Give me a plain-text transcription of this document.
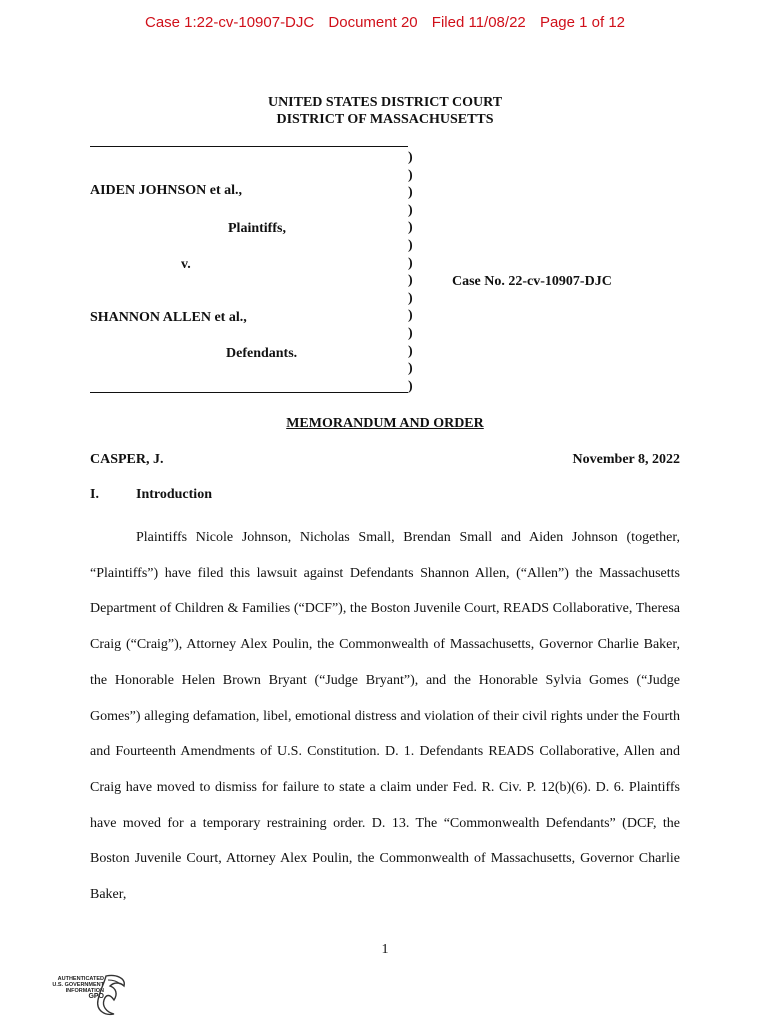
Case 1:22-cv-10907-DJC Document 20 Filed 11/08/22 Page 1 of 12
UNITED STATES DISTRICT COURT
DISTRICT OF MASSACHUSETTS
)
)
)
)
)
)
)
)
)
)
)
)
)
)
AIDEN JOHNSON et al.,
Plaintiffs,
v.
Case No. 22-cv-10907-DJC
SHANNON ALLEN et al.,
Defendants.
MEMORANDUM AND ORDER
CASPER, J.	November 8, 2022
I.	Introduction

Plaintiffs Nicole Johnson, Nicholas Small, Brendan Small and Aiden Johnson (together, “Plaintiffs”) have filed this lawsuit against Defendants Shannon Allen, (“Allen”) the Massachusetts Department of Children & Families (“DCF”), the Boston Juvenile Court, READS Collaborative, Theresa Craig (“Craig”), Attorney Alex Poulin, the Commonwealth of Massachusetts, Governor Charlie Baker, the Honorable Helen Brown Bryant (“Judge Bryant”), and the Honorable Sylvia Gomes (“Judge Gomes”) alleging defamation, libel, emotional distress and violation of their civil rights under the Fourth and Fourteenth Amendments of U.S. Constitution. D. 1. Defendants READS Collaborative, Allen and Craig have moved to dismiss for failure to state a claim under Fed. R. Civ. P. 12(b)(6). D. 6. Plaintiffs have moved for a temporary restraining order. D. 13. The “Commonwealth Defendants” (DCF, the Boston Juvenile Court, Attorney Alex Poulin, the Commonwealth of Massachusetts, Governor Charlie Baker,

1
AUTHENTICATED
U.S. GOVERNMENT
INFORMATION
GPO
